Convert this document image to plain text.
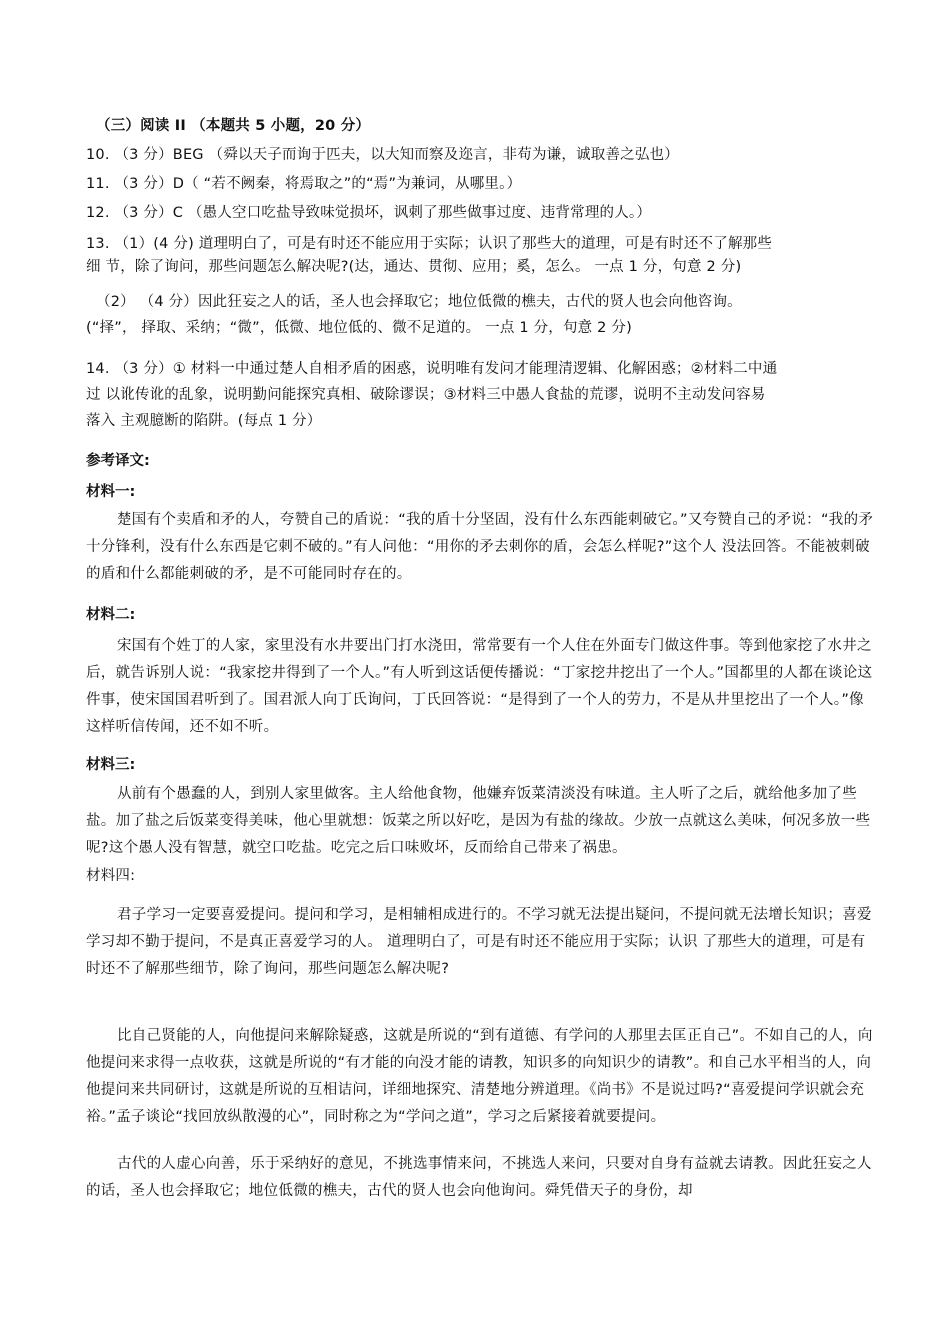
（三）阅读 II （本题共 5 小题，20 分）
10. （3 分）BEG （舜以天子而询于匹夫，以大知而察及迩言，非苟为谦，诚取善之弘也）
11. （3 分）D（ “若不阙秦，将焉取之”的“焉”为兼词，从哪里。）
12. （3 分）C （愚人空口吃盐导致味觉损坏，讽刺了那些做事过度、违背常理的人。）
13. （1）(4 分) 道理明白了，可是有时还不能应用于实际；认识了那些大的道理，可是有时还不了解那些
细 节，除了询问，那些问题怎么解决呢?(达，通达、贯彻、应用；奚，怎么。 一点 1 分，句意 2 分)
（2） （4 分）因此狂妄之人的话，圣人也会择取它；地位低微的樵夫，古代的贤人也会向他咨询。
(“择”， 择取、采纳；“微”，低微、地位低的、微不足道的。 一点 1 分，句意 2 分)
14. （3 分）① 材料一中通过楚人自相矛盾的困惑，说明唯有发问才能理清逻辑、化解困惑；②材料二中通
过 以讹传讹的乱象，说明勤问能探究真相、破除谬误；③材料三中愚人食盐的荒谬，说明不主动发问容易
落入 主观臆断的陷阱。(每点 1 分）
参考译文:
材料一:
楚国有个卖盾和矛的人，夸赞自己的盾说：“我的盾十分坚固，没有什么东西能刺破它。”又夸赞自己的矛说：“我的矛十分锋利，没有什么东西是它刺不破的。”有人问他：“用你的矛去刺你的盾，会怎么样呢?”这个人 没法回答。不能被刺破的盾和什么都能刺破的矛，是不可能同时存在的。
材料二:
宋国有个姓丁的人家，家里没有水井要出门打水浇田，常常要有一个人住在外面专门做这件事。等到他家挖了水井之后，就告诉别人说：“我家挖井得到了一个人。”有人听到这话便传播说：“丁家挖井挖出了一个人。”国都里的人都在谈论这件事，使宋国国君听到了。国君派人向丁氏询问，丁氏回答说：“是得到了一个人的劳力，不是从井里挖出了一个人。”像这样听信传闻，还不如不听。
材料三:
从前有个愚蠢的人，到别人家里做客。主人给他食物，他嫌弃饭菜清淡没有味道。主人听了之后，就给他多加了些盐。加了盐之后饭菜变得美味，他心里就想：饭菜之所以好吃，是因为有盐的缘故。少放一点就这么美味，何况多放一些呢?这个愚人没有智慧，就空口吃盐。吃完之后口味败坏，反而给自己带来了祸患。
材料四:
君子学习一定要喜爱提问。提问和学习，是相辅相成进行的。不学习就无法提出疑问，不提问就无法增长知识；喜爱学习却不勤于提问，不是真正喜爱学习的人。 道理明白了，可是有时还不能应用于实际；认识 了那些大的道理，可是有时还不了解那些细节，除了询问，那些问题怎么解决呢?
比自己贤能的人，向他提问来解除疑惑，这就是所说的“到有道德、有学问的人那里去匡正自己”。不如自己的人，向他提问来求得一点收获，这就是所说的“有才能的向没才能的请教，知识多的向知识少的请教”。和自己水平相当的人，向他提问来共同研讨，这就是所说的互相诘问，详细地探究、清楚地分辨道理。《尚书》不是说过吗?“喜爱提问学识就会充裕。”孟子谈论“找回放纵散漫的心”，同时称之为“学问之道”，学习之后紧接着就要提问。
古代的人虚心向善，乐于采纳好的意见，不挑选事情来问，不挑选人来问，只要对自身有益就去请教。因此狂妄之人的话，圣人也会择取它；地位低微的樵夫，古代的贤人也会向他询问。舜凭借天子的身份，却
